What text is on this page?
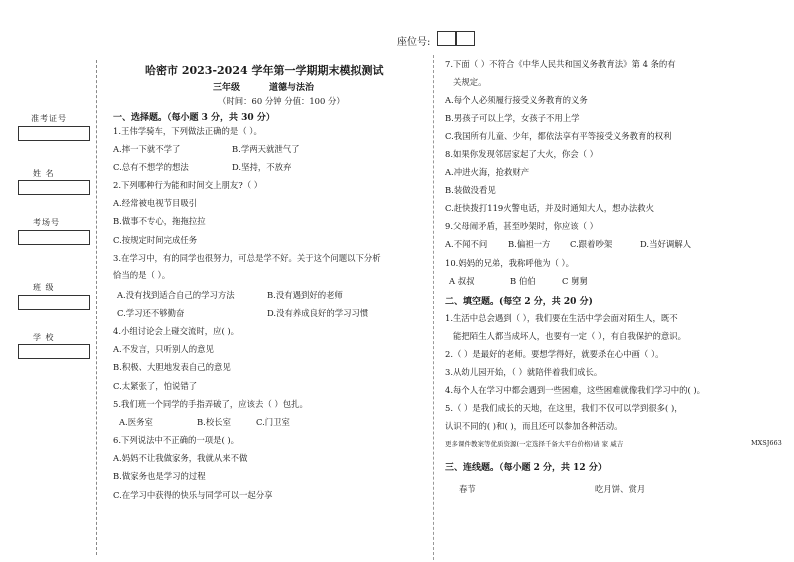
座位号:
哈密市 2023-2024 学年第一学期期末模拟测试
三年级	道德与法治
（时间：60 分钟 分值：100 分）
准考证号
姓 名
考场号
班 级
学 校
一、选择题。（每小题 3 分，共 30 分）
1.王伟学骑车，下列做法正确的是（ ）。
A.摔一下就不学了	B.学两天就泄气了
C.总有不想学的想法	D.坚持，不放弃
2.下列哪种行为能和时间交上朋友?（ ）
A.经常被电视节目吸引
B.做事不专心，拖拖拉拉
C.按规定时间完成任务
3.在学习中，有的同学也很努力，可总是学不好。关于这个问题以下分析
恰当的是（ ）。
A.没有找到适合自己的学习方法	B.没有遇到好的老师
C.学习还不够勤奋	D.没有养成良好的学习习惯
4.小组讨论会上碰交流时，应( )。
A.不发言，只听别人的意见
B.积极、大胆地发表自己的意见
C.太紧张了，怕说错了
5.我们班一个同学的手指弄破了，应该去（ ）包扎。
A.医务室	B.校长室	C.门卫室
6.下列说法中不正确的一项是( )。
A.妈妈不让我做家务，我就从来不做
B.做家务也是学习的过程
C.在学习中获得的快乐与同学可以一起分享
7.下面（ ）不符合《中华人民共和国义务教育法》第 4 条的有
关规定。
A.每个人必须履行接受义务教育的义务
B.男孩子可以上学，女孩子不用上学
C.我国所有儿童、少年，都依法享有平等接受义务教育的权利
8.如果你发现邻居家起了大火，你会（ ）
A.冲进火海，抢救财产
B.装做没看见
C.赶快拨打119火警电话，并及时通知大人，想办法救火
9.父母闹矛盾，甚至吵架时，你应该（ ）
A.不闻不问 B.偏袒一方 C.跟着吵架	D.当好调解人
10.妈妈的兄弟，我称呼他为（ ）。
A 叔叔	B 伯伯	C 舅舅
二、填空题。(每空 2 分，共 20 分)
1.生活中总会遇到（ ），我们要在生活中学会面对陌生人，既不
能把陌生人都当成坏人，也要有一定（ ），有自我保护的意识。
2.（ ）是最好的老师。要想学得好，就要杀在心中画（ ）。
3.从幼儿园开始，（ ）就陪伴着我们成长。
4.每个人在学习中都会遇到一些困难，这些困难就像我们学习中的( )。
5.（ ）是我们成长的天地，在这里，我们不仅可以学到很多( )，
认识不同的( )和( )，而且还可以参加各种活动。
更多课件教案等优质资源(一定选择千备大平台价格)请 家 威吉	MXSJ663
三、连线题。（每小题 2 分，共 12 分）
春节	吃月饼、赏月
